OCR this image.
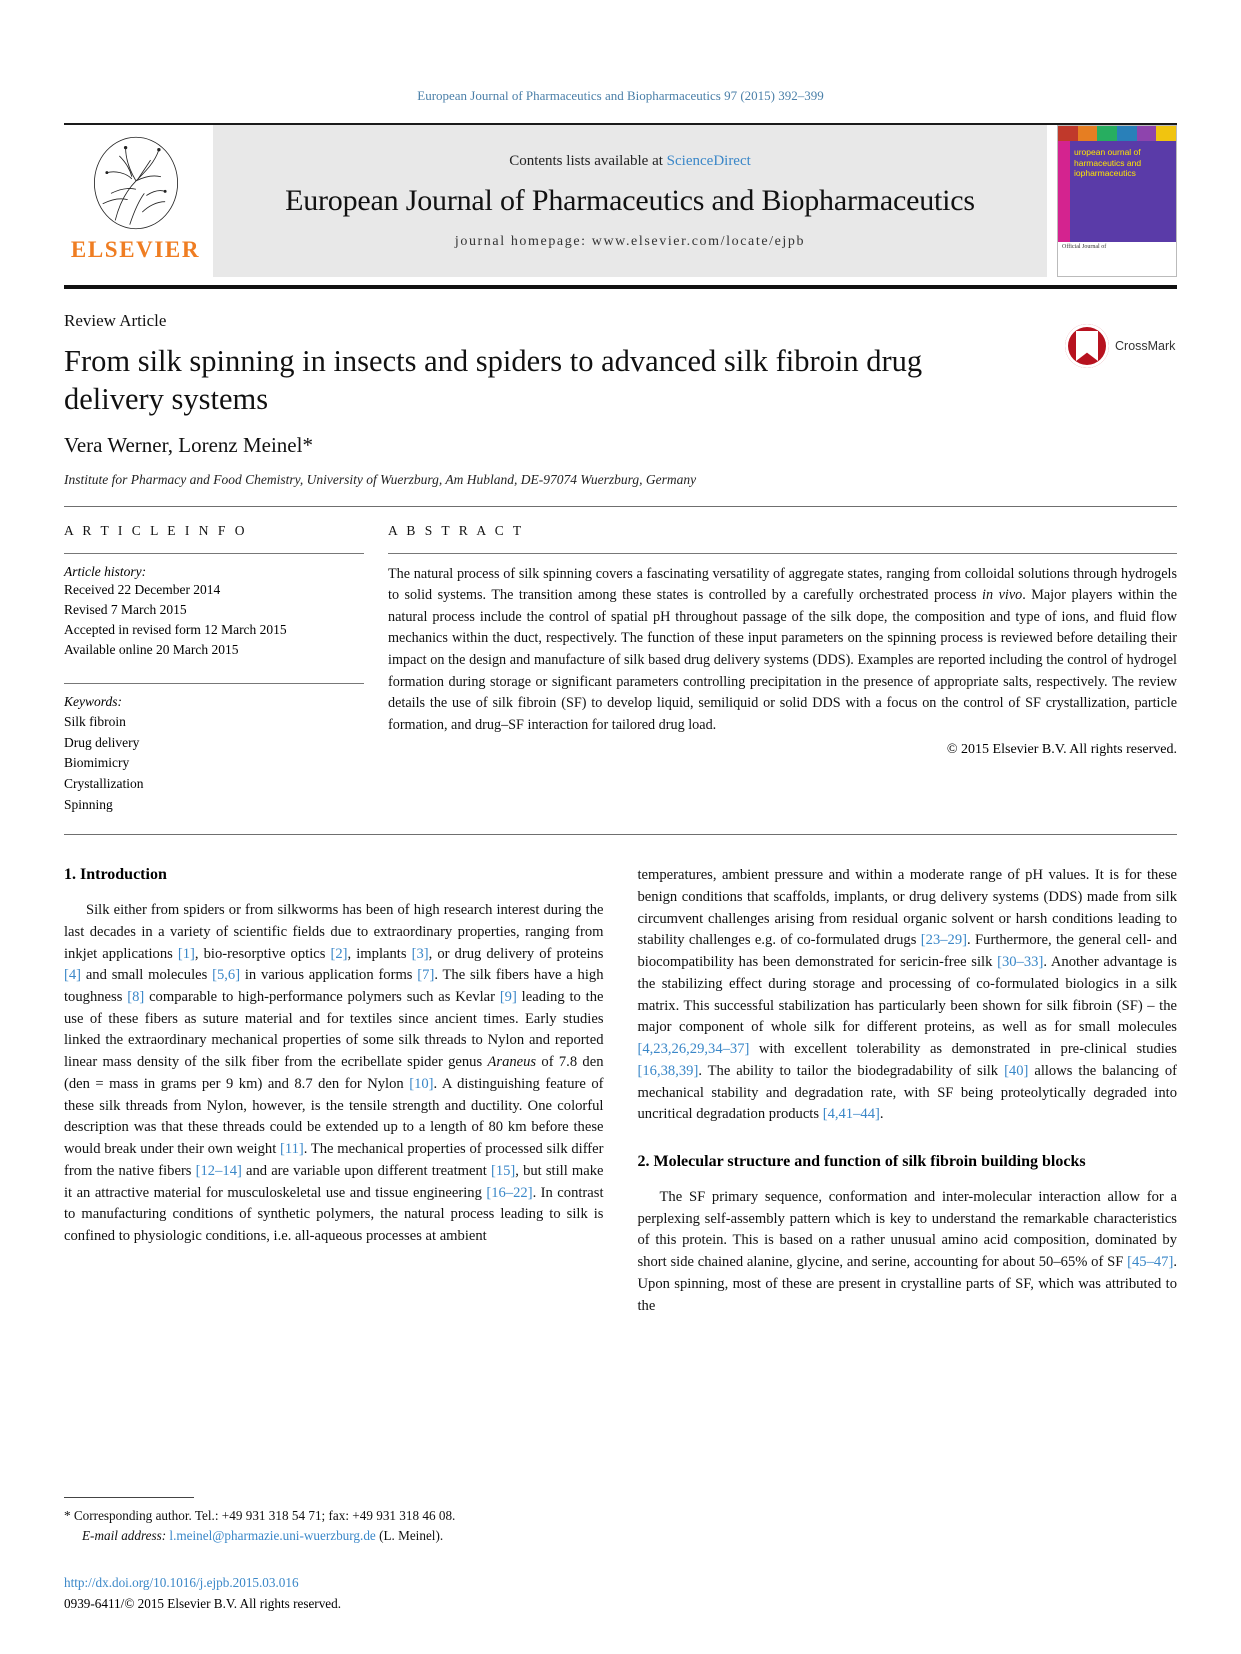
European Journal of Pharmaceutics and Biopharmaceutics 97 (2015) 392–399
ELSEVIER
Contents lists available at ScienceDirect
European Journal of Pharmaceutics and Biopharmaceutics
journal homepage: www.elsevier.com/locate/ejpb
uropean ournal of harmaceutics and iopharmaceutics
Official Journal of
Review Article
From silk spinning in insects and spiders to advanced silk fibroin drug delivery systems
Vera Werner, Lorenz Meinel*
Institute for Pharmacy and Food Chemistry, University of Wuerzburg, Am Hubland, DE-97074 Wuerzburg, Germany
CrossMark
A R T I C L E I N F O
Article history:
Received 22 December 2014
Revised 7 March 2015
Accepted in revised form 12 March 2015
Available online 20 March 2015
Keywords:
Silk fibroin
Drug delivery
Biomimicry
Crystallization
Spinning
A B S T R A C T
The natural process of silk spinning covers a fascinating versatility of aggregate states, ranging from colloidal solutions through hydrogels to solid systems. The transition among these states is controlled by a carefully orchestrated process in vivo. Major players within the natural process include the control of spatial pH throughout passage of the silk dope, the composition and type of ions, and fluid flow mechanics within the duct, respectively. The function of these input parameters on the spinning process is reviewed before detailing their impact on the design and manufacture of silk based drug delivery systems (DDS). Examples are reported including the control of hydrogel formation during storage or significant parameters controlling precipitation in the presence of appropriate salts, respectively. The review details the use of silk fibroin (SF) to develop liquid, semiliquid or solid DDS with a focus on the control of SF crystallization, particle formation, and drug–SF interaction for tailored drug load.
© 2015 Elsevier B.V. All rights reserved.
1. Introduction

Silk either from spiders or from silkworms has been of high research interest during the last decades in a variety of scientific fields due to extraordinary properties, ranging from inkjet applications [1], bio-resorptive optics [2], implants [3], or drug delivery of proteins [4] and small molecules [5,6] in various application forms [7]. The silk fibers have a high toughness [8] comparable to high-performance polymers such as Kevlar [9] leading to the use of these fibers as suture material and for textiles since ancient times. Early studies linked the extraordinary mechanical properties of some silk threads to Nylon and reported linear mass density of the silk fiber from the ecribellate spider genus Araneus of 7.8 den (den = mass in grams per 9 km) and 8.7 den for Nylon [10]. A distinguishing feature of these silk threads from Nylon, however, is the tensile strength and ductility. One colorful description was that these threads could be extended up to a length of 80 km before these would break under their own weight [11]. The mechanical properties of processed silk differ from the native fibers [12–14] and are variable upon different treatment [15], but still make it an attractive material for musculoskeletal use and tissue engineering [16–22]. In contrast to manufacturing conditions of synthetic polymers, the natural process leading to silk is confined to physiologic conditions, i.e. all-aqueous processes at ambient

temperatures, ambient pressure and within a moderate range of pH values. It is for these benign conditions that scaffolds, implants, or drug delivery systems (DDS) made from silk circumvent challenges arising from residual organic solvent or harsh conditions leading to stability challenges e.g. of co-formulated drugs [23–29]. Furthermore, the general cell- and biocompatibility has been demonstrated for sericin-free silk [30–33]. Another advantage is the stabilizing effect during storage and processing of co-formulated biologics in a silk matrix. This successful stabilization has particularly been shown for silk fibroin (SF) – the major component of whole silk for different proteins, as well as for small molecules [4,23,26,29,34–37] with excellent tolerability as demonstrated in pre-clinical studies [16,38,39]. The ability to tailor the biodegradability of silk [40] allows the balancing of mechanical stability and degradation rate, with SF being proteolytically degraded into uncritical degradation products [4,41–44].

2. Molecular structure and function of silk fibroin building blocks

The SF primary sequence, conformation and inter-molecular interaction allow for a perplexing self-assembly pattern which is key to understand the remarkable characteristics of this protein. This is based on a rather unusual amino acid composition, dominated by short side chained alanine, glycine, and serine, accounting for about 50–65% of SF [45–47]. Upon spinning, most of these are present in crystalline parts of SF, which was attributed to the

* Corresponding author. Tel.: +49 931 318 54 71; fax: +49 931 318 46 08.
E-mail address: l.meinel@pharmazie.uni-wuerzburg.de (L. Meinel).
http://dx.doi.org/10.1016/j.ejpb.2015.03.016
0939-6411/© 2015 Elsevier B.V. All rights reserved.
